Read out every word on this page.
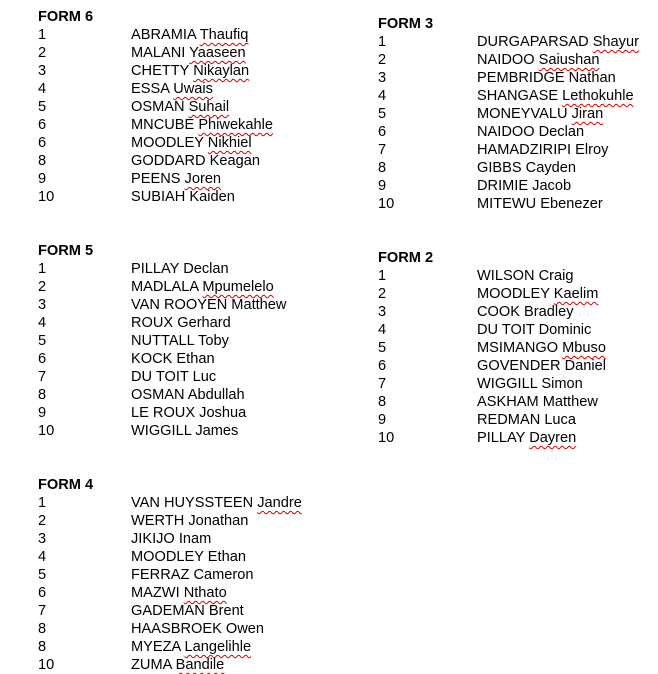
FORM 6
1	ABRAMIA Thaufiq
2	MALANI Yaaseen
3	CHETTY Nikaylan
4	ESSA Uwais
5	OSMAN Suhail
6	MNCUBE Phiwekahle
6	MOODLEY Nikhiel
8	GODDARD Keagan
9	PEENS Joren
10	SUBIAH Kaiden
FORM 5
1	PILLAY Declan
2	MADLALA Mpumelelo
3	VAN ROOYEN Matthew
4	ROUX Gerhard
5	NUTTALL Toby
6	KOCK Ethan
7	DU TOIT Luc
8	OSMAN Abdullah
9	LE ROUX Joshua
10	WIGGILL James
FORM 4
1	VAN HUYSSTEEN Jandre
2	WERTH Jonathan
3	JIKIJO Inam
4	MOODLEY Ethan
5	FERRAZ Cameron
6	MAZWI Nthato
7	GADEMAN Brent
8	HAASBROEK Owen
8	MYEZA Langelihle
10	ZUMA Bandile
FORM 3
1	DURGAPARSAD Shayur
2	NAIDOO Saiushan
3	PEMBRIDGE Nathan
4	SHANGASE Lethokuhle
5	MONEYVALU Jiran
6	NAIDOO Declan
7	HAMADZIRIPI Elroy
8	GIBBS Cayden
9	DRIMIE Jacob
10	MITEWU Ebenezer
FORM 2
1	WILSON Craig
2	MOODLEY Kaelim
3	COOK Bradley
4	DU TOIT Dominic
5	MSIMANGO Mbuso
6	GOVENDER Daniel
7	WIGGILL Simon
8	ASKHAM Matthew
9	REDMAN Luca
10	PILLAY Dayren
